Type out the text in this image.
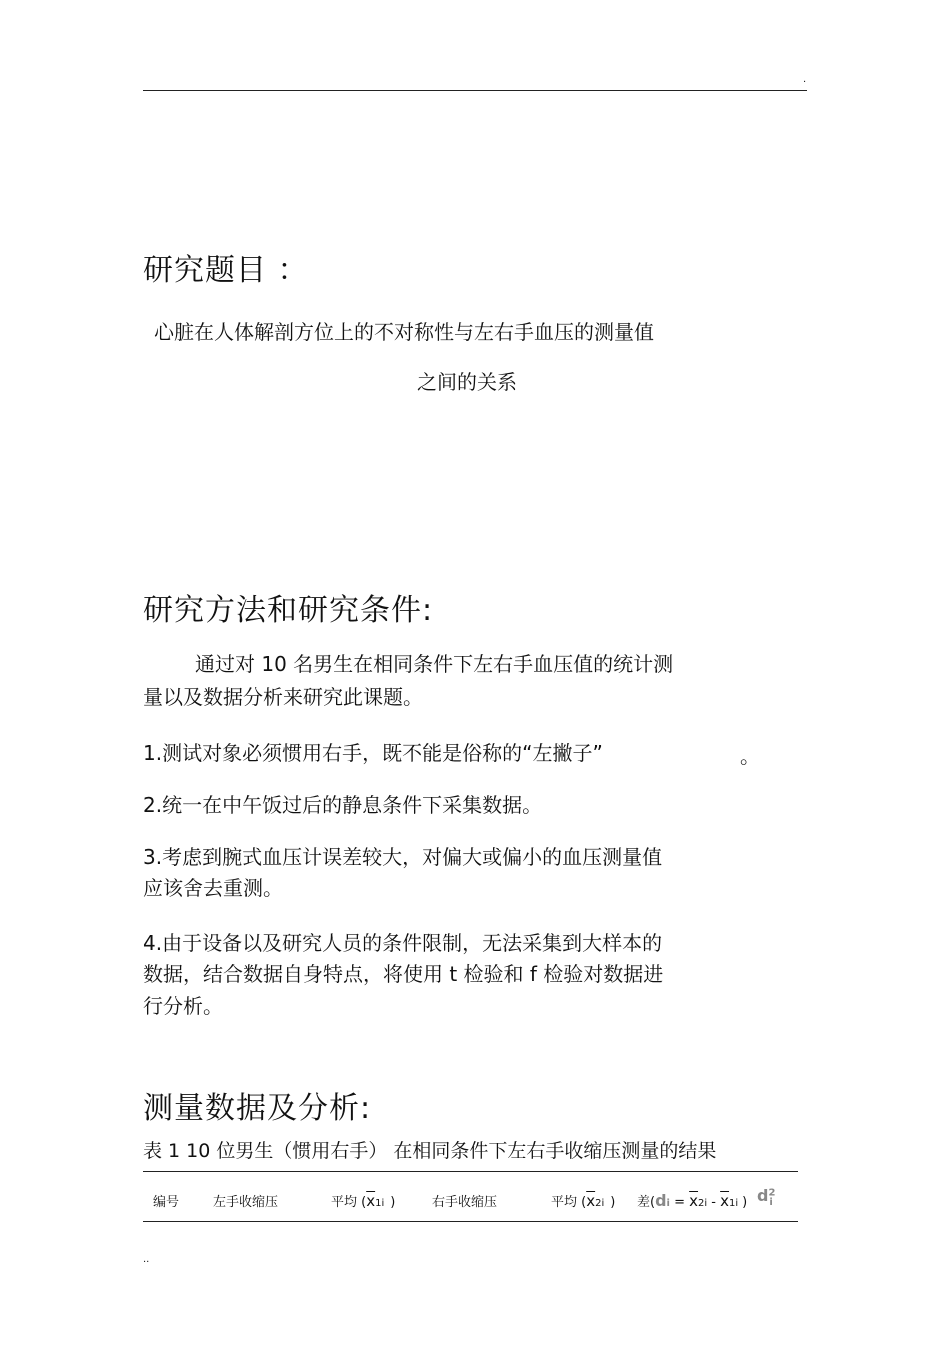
.
研究题目 ：
心脏在人体解剖方位上的不对称性与左右手血压的测量值
之间的关系
研究方法和研究条件:
通过对 10 名男生在相同条件下左右手血压值的统计测
量以及数据分析来研究此课题。
1.测试对象必须惯用右手，既不能是俗称的“左撇子”	。
2.统一在中午饭过后的静息条件下采集数据。
3.考虑到腕式血压计误差较大，对偏大或偏小的血压测量值
应该舍去重测。
4.由于设备以及研究人员的条件限制，无法采集到大样本的
数据，结合数据自身特点，将使用 t 检验和 f 检验对数据进
行分析。
测量数据及分析:
表 1 10 位男生（惯用右手） 在相同条件下左右手收缩压测量的结果
编号	左手收缩压	平均 ($\overline{x}1i$ )	右手收缩压	平均 ($\overline{x}2i$ ) 差($di = \overline{x}2i - \overline{x}1i$ ) $d^2_i$
..
